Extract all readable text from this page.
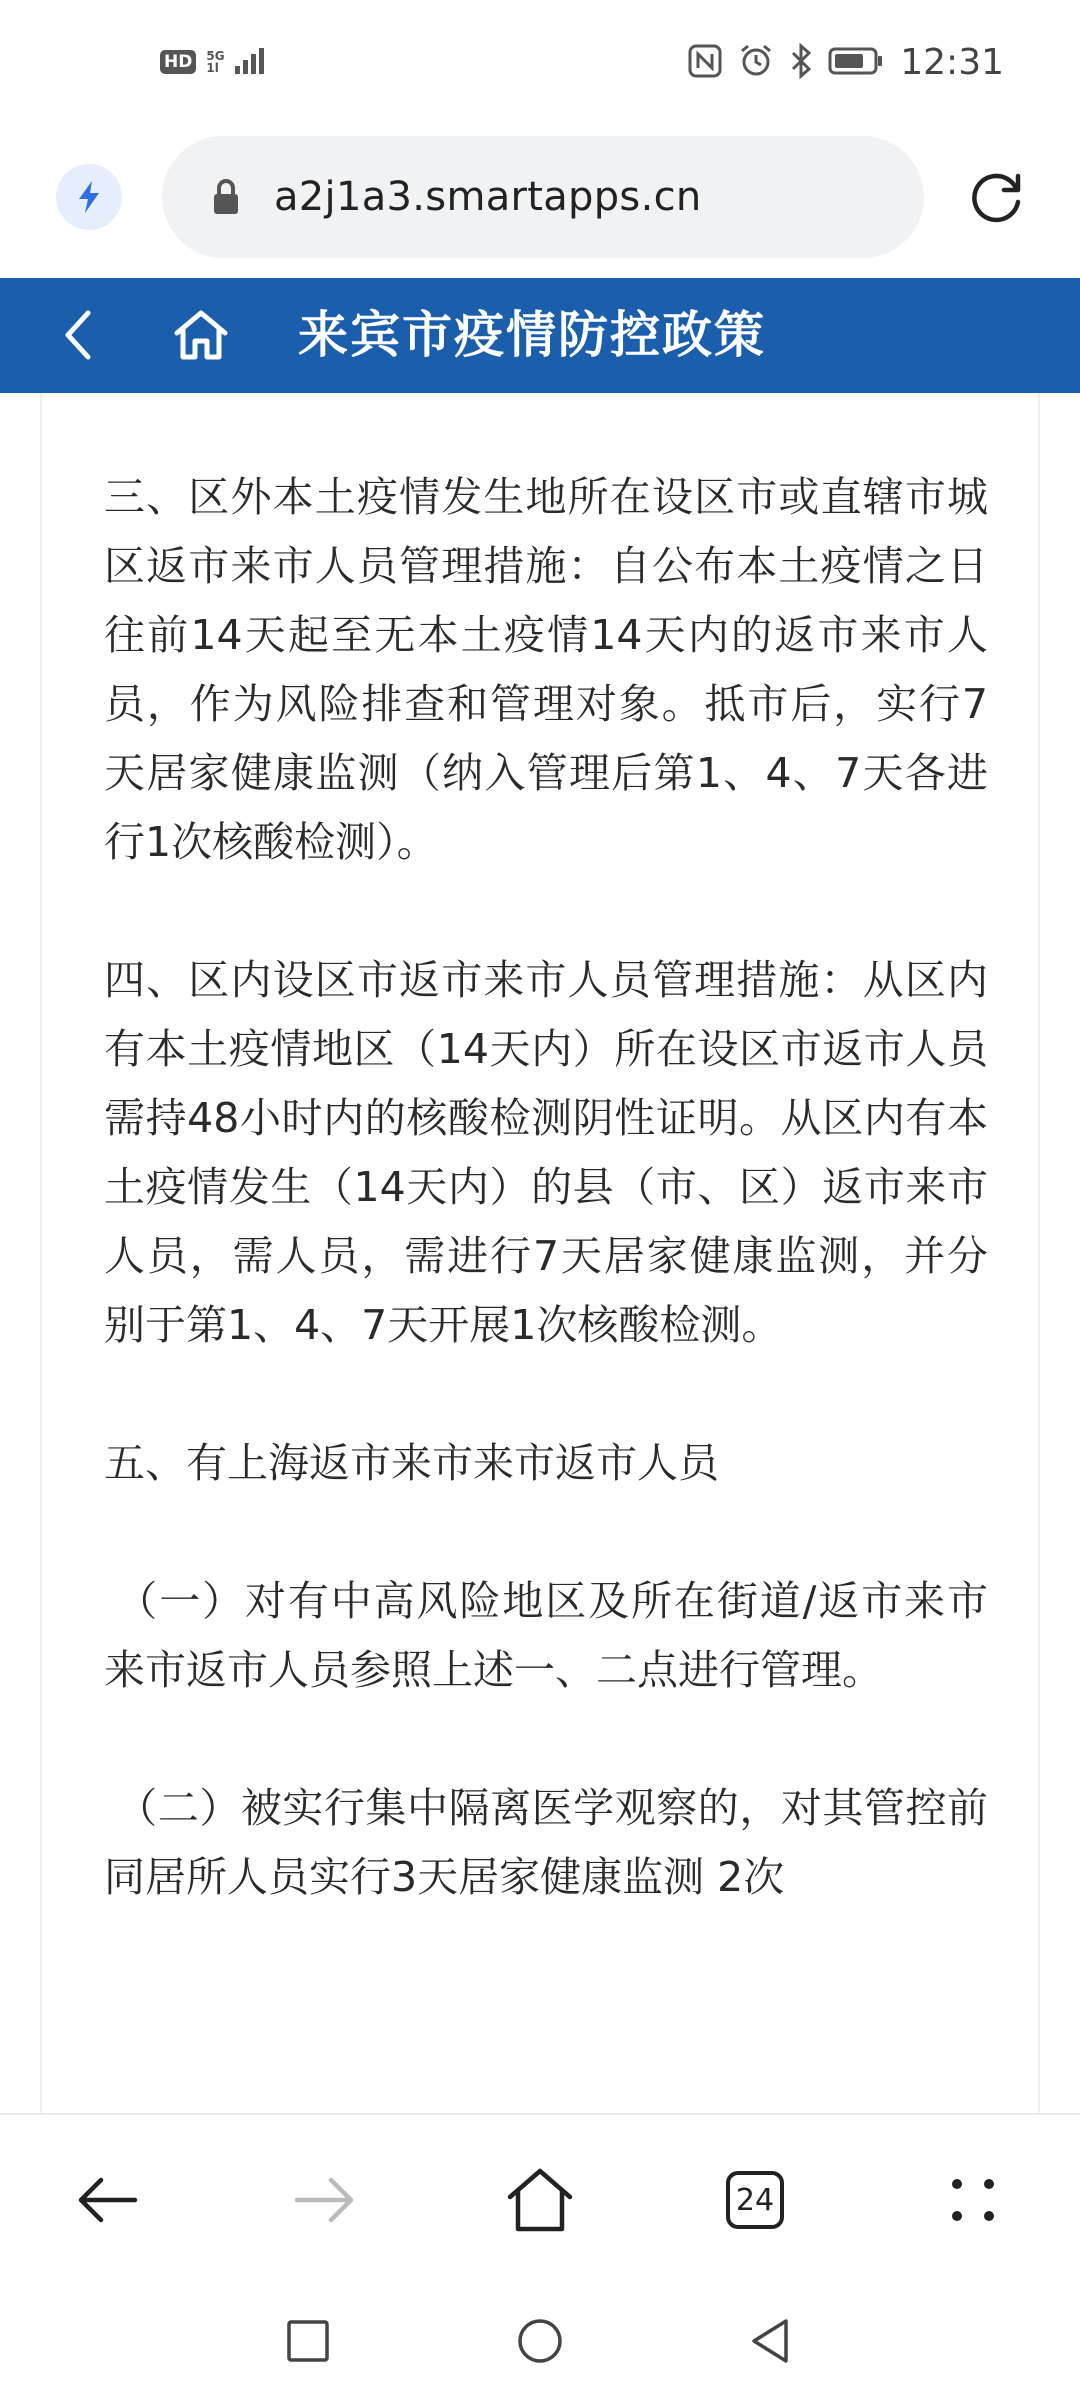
HD	5G
1l	12:31
a2j1a3.smartapps.cn
来宾市疫情防控政策

三、区外本土疫情发生地所在设区市或直辖市城区返市来市人员管理措施：自公布本土疫情之日往前14天起至无本土疫情14天内的返市来市人员，作为风险排查和管理对象。抵市后，实行7天居家健康监测（纳入管理后第1、4、7天各进行1次核酸检测）。

四、区内设区市返市来市人员管理措施：从区内有本土疫情地区（14天内）所在设区市返市人员需持48小时内的核酸检测阴性证明。从区内有本土疫情发生（14天内）的县（市、区）返市来市人员，需人员，需进行7天居家健康监测，并分别于第1、4、7天开展1次核酸检测。

五、有上海返市来市来市返市人员

（一）对有中高风险地区及所在街道/返市来市来市返市人员参照上述一、二点进行管理。

（二）被实行集中隔离医学观察的，对其管控前同居所人员实行3天居家健康监测 2次

24
